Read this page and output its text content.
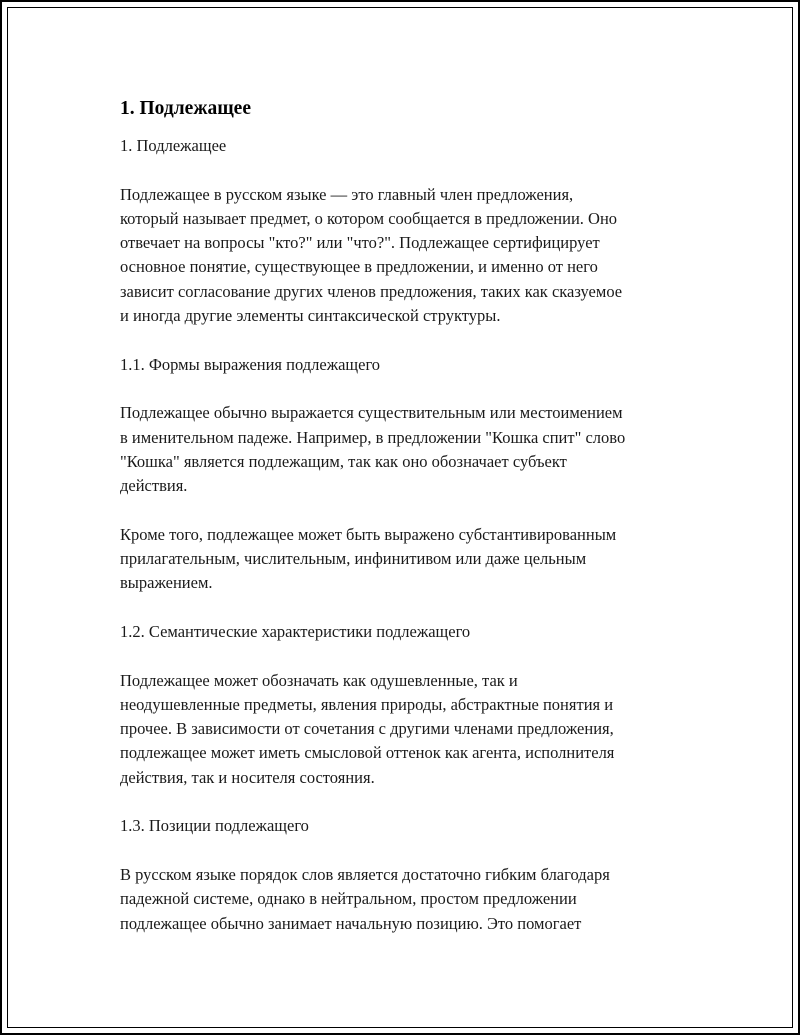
1. Подлежащее

1. Подлежащее

Подлежащее в русском языке — это главный член предложения,

который называет предмет, о котором сообщается в предложении. Оно

отвечает на вопросы "кто?" или "что?". Подлежащее сертифицирует

основное понятие, существующее в предложении, и именно от него

зависит согласование других членов предложения, таких как сказуемое

и иногда другие элементы синтаксической структуры.

1.1. Формы выражения подлежащего

Подлежащее обычно выражается существительным или местоимением

в именительном падеже. Например, в предложении "Кошка спит" слово

"Кошка" является подлежащим, так как оно обозначает субъект

действия.

Кроме того, подлежащее может быть выражено субстантивированным

прилагательным, числительным, инфинитивом или даже цельным

выражением.

1.2. Семантические характеристики подлежащего

Подлежащее может обозначать как одушевленные, так и

неодушевленные предметы, явления природы, абстрактные понятия и

прочее. В зависимости от сочетания с другими членами предложения,

подлежащее может иметь смысловой оттенок как агента, исполнителя

действия, так и носителя состояния.

1.3. Позиции подлежащего

В русском языке порядок слов является достаточно гибким благодаря

падежной системе, однако в нейтральном, простом предложении

подлежащее обычно занимает начальную позицию. Это помогает
